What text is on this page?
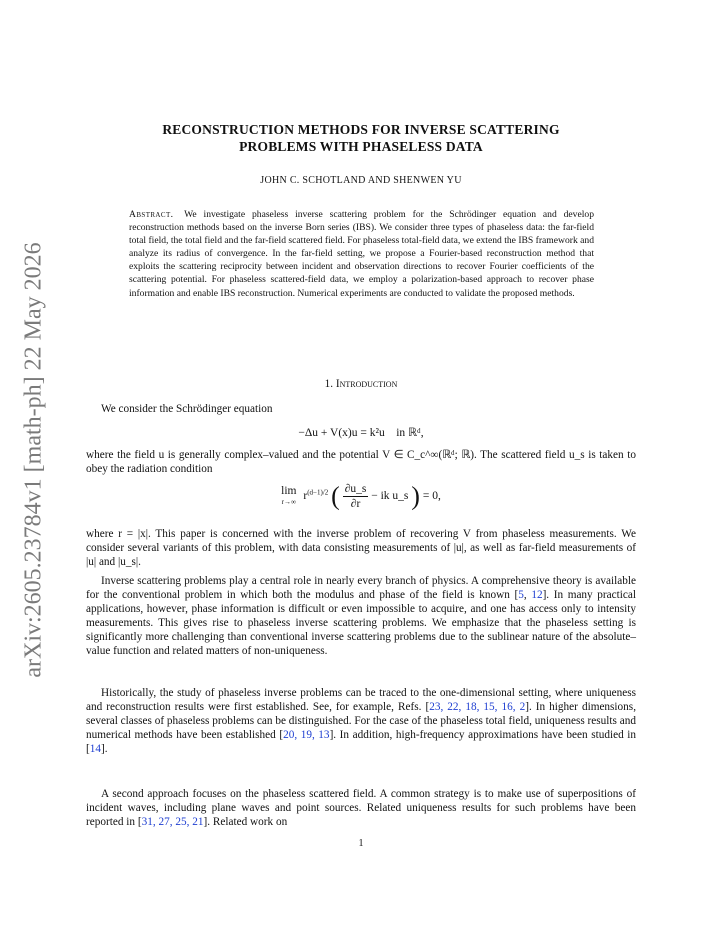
arXiv:2605.23784v1 [math-ph] 22 May 2026
RECONSTRUCTION METHODS FOR INVERSE SCATTERING
PROBLEMS WITH PHASELESS DATA
JOHN C. SCHOTLAND AND SHENWEN YU
Abstract. We investigate phaseless inverse scattering problem for the Schrödinger equation and develop reconstruction methods based on the inverse Born series (IBS). We consider three types of phaseless data: the far-field total field, the total field and the far-field scattered field. For phaseless total-field data, we extend the IBS framework and analyze its radius of convergence. In the far-field setting, we propose a Fourier-based reconstruction method that exploits the scattering reciprocity between incident and observation directions to recover Fourier coefficients of the scattering potential. For phaseless scattered-field data, we employ a polarization-based approach to recover phase information and enable IBS reconstruction. Numerical experiments are conducted to validate the proposed methods.
1. Introduction
We consider the Schrödinger equation
−Δu + V(x)u = k²u in ℝᵈ,
where the field u is generally complex–valued and the potential V ∈ C_c^∞(ℝᵈ; ℝ). The scattered field u_s is taken to obey the radiation condition
lim
r→∞ $r^{(d-1)/2}$ ( $\frac{\partial u\_s}{\partial r}$ − ik u_s ) = 0,
where r = |x|. This paper is concerned with the inverse problem of recovering V from phaseless measurements. We consider several variants of this problem, with data consisting measurements of |u|, as well as far-field measurements of |u| and |u_s|.
Inverse scattering problems play a central role in nearly every branch of physics. A comprehensive theory is available for the conventional problem in which both the modulus and phase of the field is known [5, 12]. In many practical applications, however, phase information is difficult or even impossible to acquire, and one has access only to intensity measurements. This gives rise to phaseless inverse scattering problems. We emphasize that the phaseless setting is significantly more challenging than conventional inverse scattering problems due to the sublinear nature of the absolute–value function and related matters of non-uniqueness.
Historically, the study of phaseless inverse problems can be traced to the one-dimensional setting, where uniqueness and reconstruction results were first established. See, for example, Refs. [23, 22, 18, 15, 16, 2]. In higher dimensions, several classes of phaseless problems can be distinguished. For the case of the phaseless total field, uniqueness results and numerical methods have been established [20, 19, 13]. In addition, high-frequency approximations have been studied in [14].
A second approach focuses on the phaseless scattered field. A common strategy is to make use of superpositions of incident waves, including plane waves and point sources. Related uniqueness results for such problems have been reported in [31, 27, 25, 21]. Related work on
1
